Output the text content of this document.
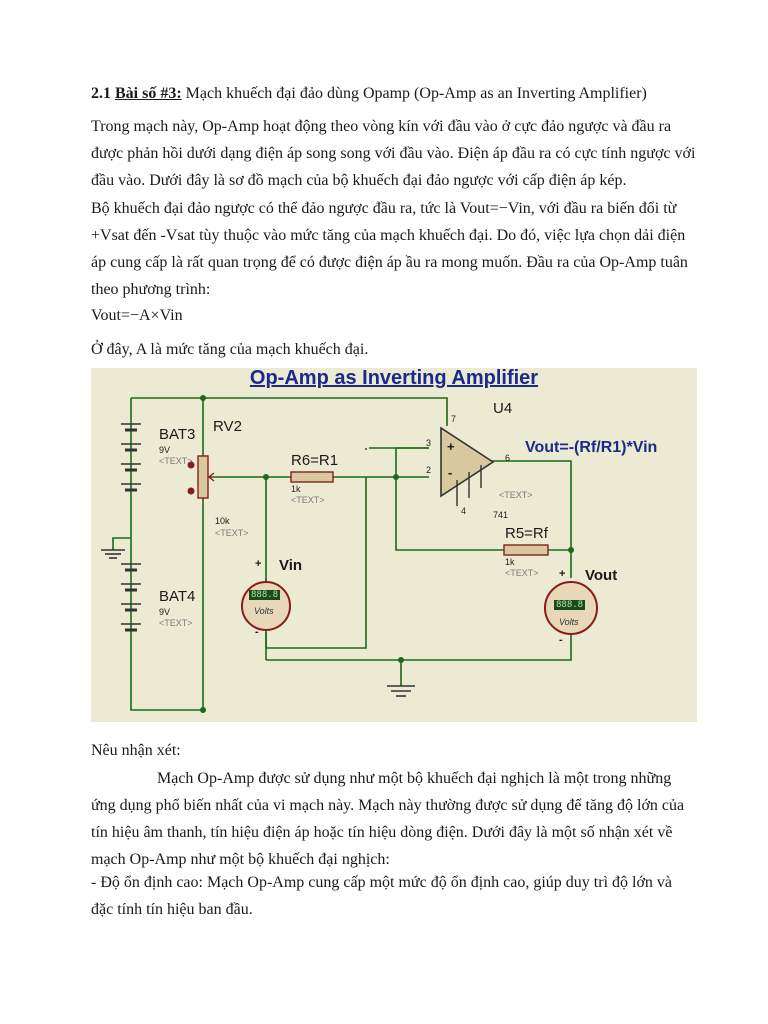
2.1 Bài số #3: Mạch khuếch đại đảo dùng Opamp (Op-Amp as an Inverting Amplifier)

Trong mạch này, Op-Amp hoạt động theo vòng kín với đầu vào ở cực đảo ngược và đầu ra được phản hồi dưới dạng điện áp song song với đầu vào. Điện áp đầu ra có cực tính ngược với đầu vào. Dưới đây là sơ đồ mạch của bộ khuếch đại đảo ngược với cấp điện áp kép.

Bộ khuếch đại đảo ngược có thể đảo ngược đầu ra, tức là Vout=−Vin, với đầu ra biến đổi từ +Vsat đến -Vsat tùy thuộc vào mức tăng của mạch khuếch đại. Do đó, việc lựa chọn dải điện áp cung cấp là rất quan trọng để có được điện áp ầu ra mong muốn. Đầu ra của Op-Amp tuân theo phương trình:

Vout=−A×Vin

Ở đây, A là mức tăng của mạch khuếch đại.

Op-Amp as Inverting Amplifier
BAT3
9V
<TEXT>
RV2
10k
<TEXT>
R6=R1
1k
<TEXT>
U4
741
<TEXT>
3
2
6
7
4
+
-
Vout=-(Rf/R1)*Vin
R5=Rf
1k
<TEXT>
BAT4
9V
<TEXT>
Vin
Vout
+
-
+
-
888.8
Volts
888.8
Volts

Nêu nhận xét:

Mạch Op-Amp được sử dụng như một bộ khuếch đại nghịch là một trong những ứng dụng phổ biến nhất của vi mạch này. Mạch này thường được sử dụng để tăng độ lớn của tín hiệu âm thanh, tín hiệu điện áp hoặc tín hiệu dòng điện. Dưới đây là một số nhận xét về mạch Op-Amp như một bộ khuếch đại nghịch:

- Độ ổn định cao: Mạch Op-Amp cung cấp một mức độ ổn định cao, giúp duy trì độ lớn và đặc tính tín hiệu ban đầu.
